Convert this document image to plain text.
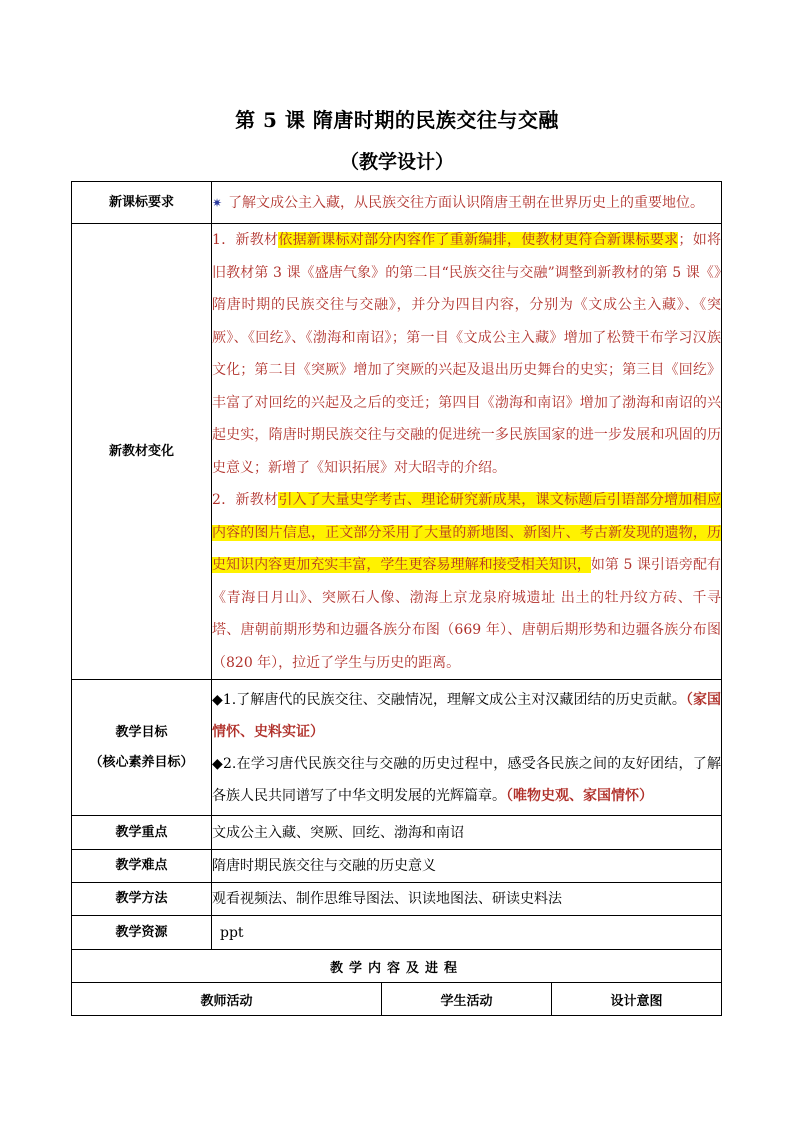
第 5 课 隋唐时期的民族交往与交融
（教学设计）
新课标要求	✷ 了解文成公主入藏，从民族交往方面认识隋唐王朝在世界历史上的重要地位。		
新教材变化	1．新教材依据新课标对部分内容作了重新编排，使教材更符合新课标要求；如将旧教材第 3 课《盛唐气象》的第二目“民族交往与交融”调整到新教材的第 5 课《》隋唐时期的民族交往与交融》，并分为四目内容，分别为《文成公主入藏》、《突厥》、《回纥》、《渤海和南诏》；第一目《文成公主入藏》增加了松赞干布学习汉族文化；第二目《突厥》增加了突厥的兴起及退出历史舞台的史实；第三目《回纥》丰富了对回纥的兴起及之后的变迁；第四目《渤海和南诏》增加了渤海和南诏的兴起史实，隋唐时期民族交往与交融的促进统一多民族国家的进一步发展和巩固的历史意义；新增了《知识拓展》对大昭寺的介绍。
2．新教材引入了大量史学考古、理论研究新成果，课文标题后引语部分增加相应内容的图片信息，正文部分采用了大量的新地图、新图片、考古新发现的遗物，历史知识内容更加充实丰富，学生更容易理解和接受相关知识，如第 5 课引语旁配有《青海日月山》、突厥石人像、渤海上京龙泉府城遗址 出土的牡丹纹方砖、千寻塔、唐朝前期形势和边疆各族分布图（669 年）、唐朝后期形势和边疆各族分布图（820 年），拉近了学生与历史的距离。		
教学目标
（核心素养目标）	◆1.了解唐代的民族交往、交融情况，理解文成公主对汉藏团结的历史贡献。（家国情怀、史料实证）
◆2.在学习唐代民族交往与交融的历史过程中，感受各民族之间的友好团结，了解各族人民共同谱写了中华文明发展的光辉篇章。（唯物史观、家国情怀）		
教学重点	文成公主入藏、突厥、回纥、渤海和南诏		
教学难点	隋唐时期民族交往与交融的历史意义		
教学方法	观看视频法、制作思维导图法、识读地图法、研读史料法		
教学资源	ppt		
教学内容及进程			
教师活动		学生活动	设计意图
